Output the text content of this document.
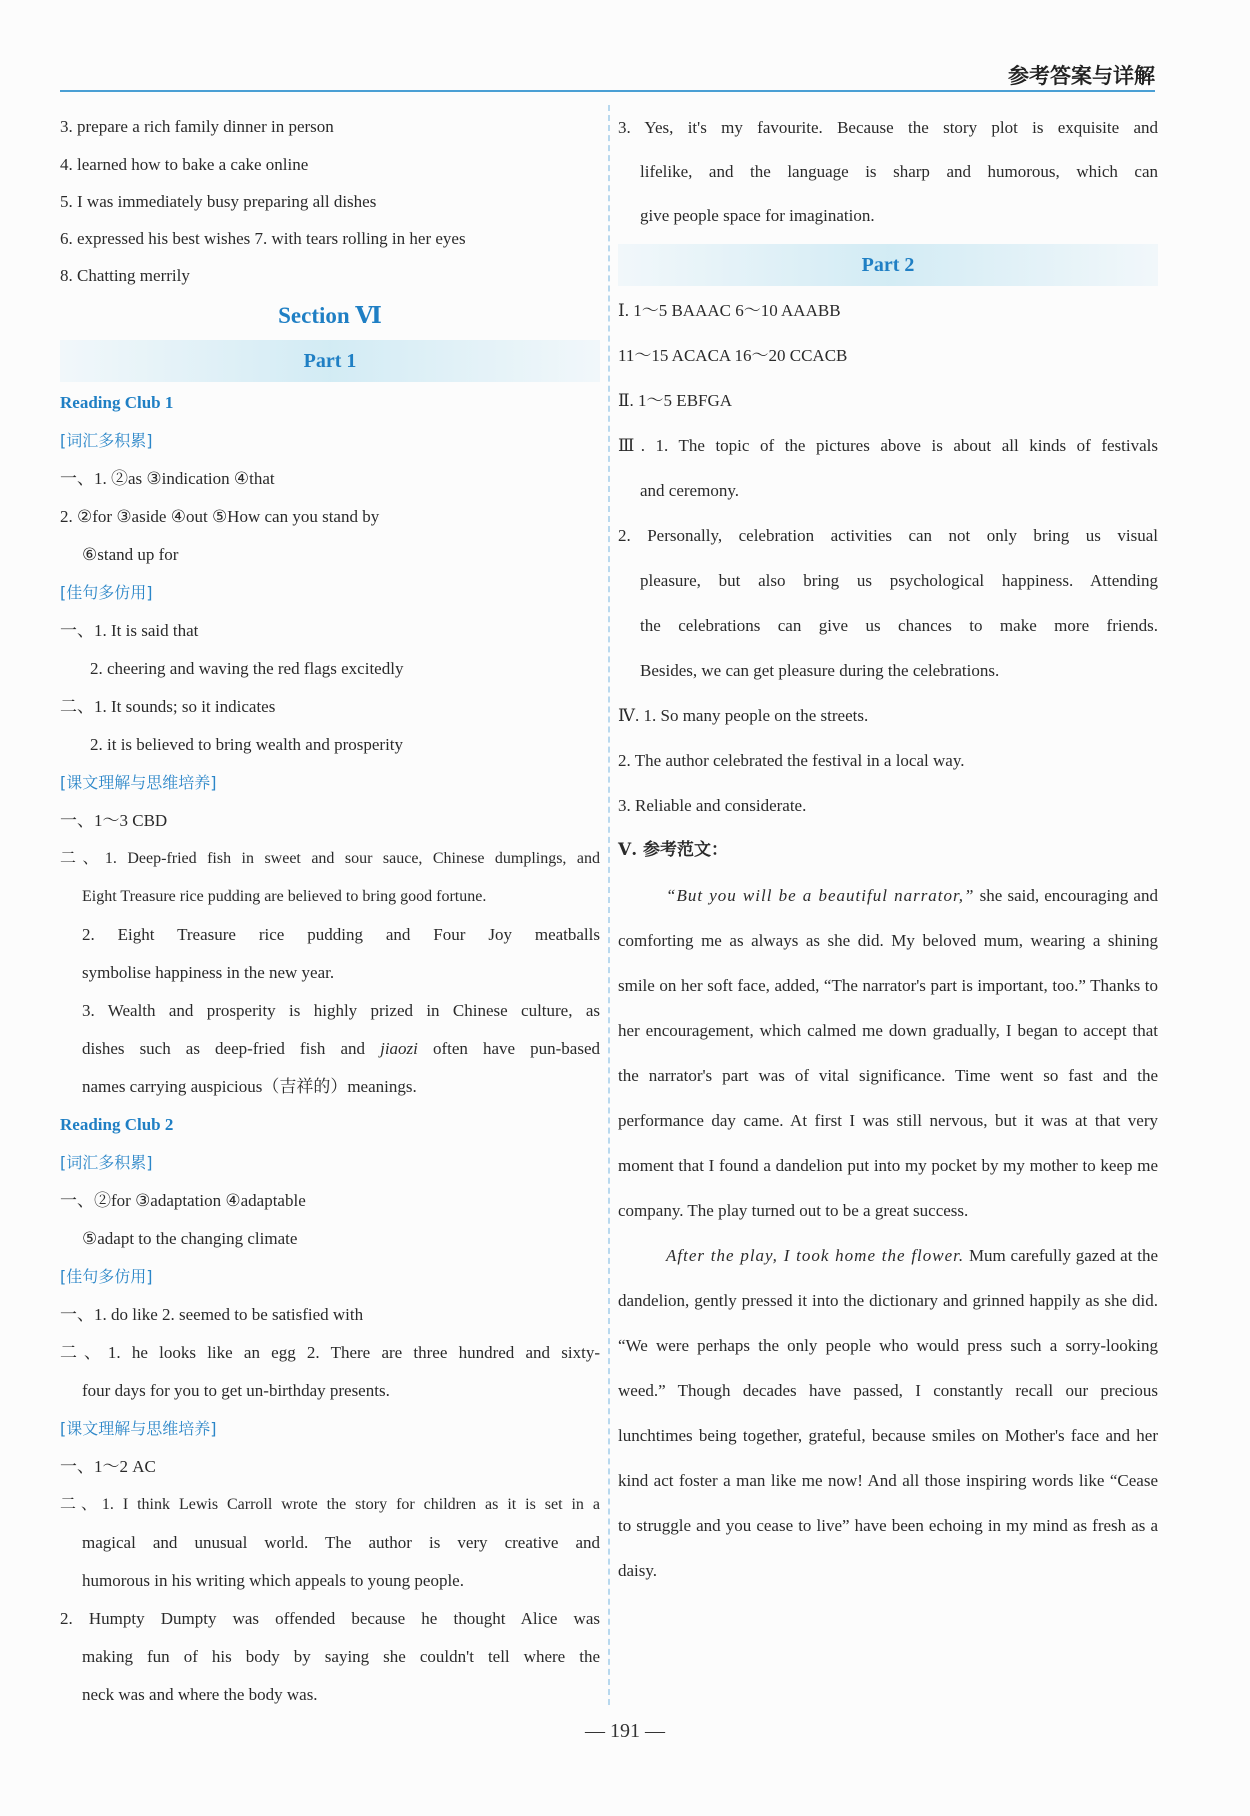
参考答案与详解
3. prepare a rich family dinner in person
4. learned how to bake a cake online
5. I was immediately busy preparing all dishes
6. expressed his best wishes 7. with tears rolling in her eyes
8. Chatting merrily
Section Ⅵ
Part 1
Reading Club 1
[词汇多积累]
一、1. ②as ③indication ④that
2. ②for ③aside ④out ⑤How can you stand by
⑥stand up for
[佳句多仿用]
一、1. It is said that
2. cheering and waving the red flags excitedly
二、1. It sounds; so it indicates
2. it is believed to bring wealth and prosperity
[课文理解与思维培养]
一、1～3 CBD
二、1. Deep-fried fish in sweet and sour sauce, Chinese dumplings, and
Eight Treasure rice pudding are believed to bring good fortune.
2. Eight Treasure rice pudding and Four Joy meatballs
symbolise happiness in the new year.
3. Wealth and prosperity is highly prized in Chinese culture, as
dishes such as deep-fried fish and jiaozi often have pun-based
names carrying auspicious（吉祥的）meanings.
Reading Club 2
[词汇多积累]
一、②for ③adaptation ④adaptable
⑤adapt to the changing climate
[佳句多仿用]
一、1. do like 2. seemed to be satisfied with
二、1. he looks like an egg 2. There are three hundred and sixty-
four days for you to get un-birthday presents.
[课文理解与思维培养]
一、1～2 AC
二、1. I think Lewis Carroll wrote the story for children as it is set in a
magical and unusual world. The author is very creative and
humorous in his writing which appeals to young people.
2. Humpty Dumpty was offended because he thought Alice was
making fun of his body by saying she couldn't tell where the
neck was and where the body was.
3. Yes, it's my favourite. Because the story plot is exquisite and
lifelike, and the language is sharp and humorous, which can
give people space for imagination.
Part 2
Ⅰ. 1～5 BAAAC 6～10 AAABB
11～15 ACACA 16～20 CCACB
Ⅱ. 1～5 EBFGA
Ⅲ. 1. The topic of the pictures above is about all kinds of festivals
and ceremony.
2. Personally, celebration activities can not only bring us visual
pleasure, but also bring us psychological happiness. Attending
the celebrations can give us chances to make more friends.
Besides, we can get pleasure during the celebrations.
Ⅳ. 1. So many people on the streets.
2. The author celebrated the festival in a local way.
3. Reliable and considerate.
Ⅴ. 参考范文：
“But you will be a beautiful narrator,” she said, encouraging and comforting me as always as she did. My beloved mum, wearing a shining smile on her soft face, added, “The narrator's part is important, too.” Thanks to her encouragement, which calmed me down gradually, I began to accept that the narrator's part was of vital significance. Time went so fast and the performance day came. At first I was still nervous, but it was at that very moment that I found a dandelion put into my pocket by my mother to keep me company. The play turned out to be a great success.
After the play, I took home the flower. Mum carefully gazed at the dandelion, gently pressed it into the dictionary and grinned happily as she did. “We were perhaps the only people who would press such a sorry-looking weed.” Though decades have passed, I constantly recall our precious lunchtimes being together, grateful, because smiles on Mother's face and her kind act foster a man like me now! And all those inspiring words like “Cease to struggle and you cease to live” have been echoing in my mind as fresh as a daisy.
— 191 —
